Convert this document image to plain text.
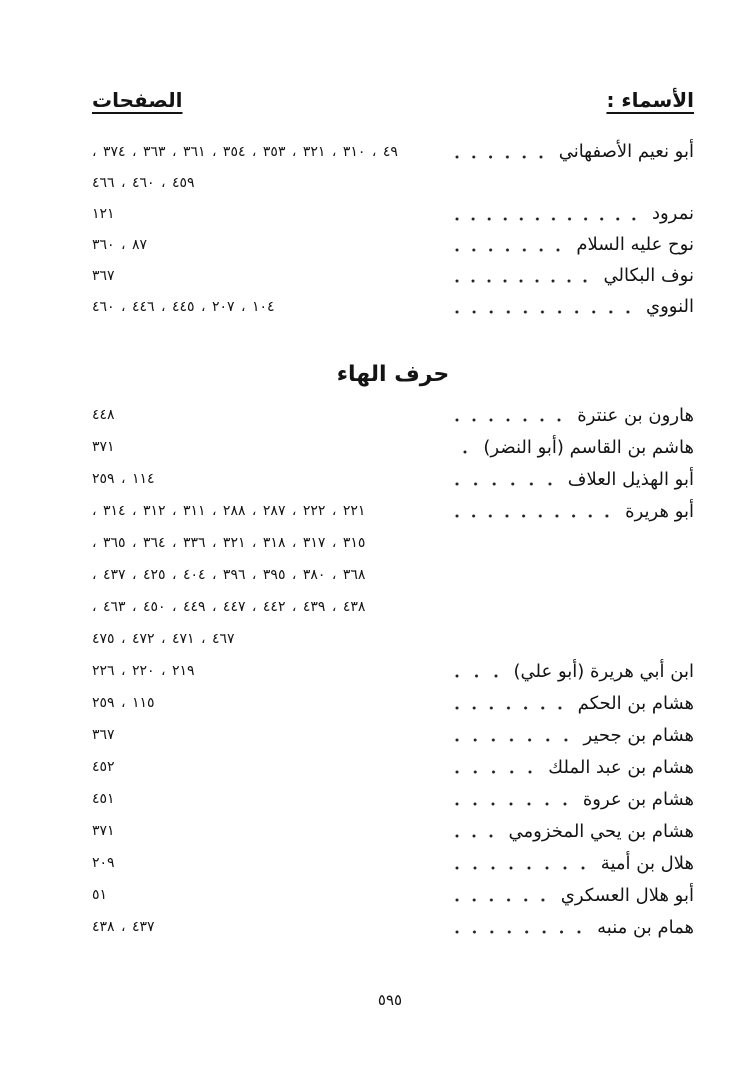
الأسماء :
الصفحات
أبو نعيم الأصفهاني
٤٩ ، ٣١٠ ، ٣٢١ ، ٣٥٣ ، ٣٥٤ ، ٣٦١ ، ٣٦٣ ، ٣٧٤ ،
٤٥٩ ، ٤٦٠ ، ٤٦٦
نمرود
١٢١
نوح عليه السلام
٨٧ ، ٣٦٠
نوف البكالي
٣٦٧
النووي
١٠٤ ، ٢٠٧ ، ٤٤٥ ، ٤٤٦ ، ٤٦٠
حرف الهاء
هارون بن عنترة
٤٤٨
هاشم بن القاسم (أبو النضر)
٣٧١
أبو الهذيل العلاف
١١٤ ، ٢٥٩
أبو هريرة
٢٢١ ، ٢٢٢ ، ٢٨٧ ، ٢٨٨ ، ٣١١ ، ٣١٢ ، ٣١٤ ،
٣١٥ ، ٣١٧ ، ٣١٨ ، ٣٢١ ، ٣٣٦ ، ٣٦٤ ، ٣٦٥ ،
٣٦٨ ، ٣٨٠ ، ٣٩٥ ، ٣٩٦ ، ٤٠٤ ، ٤٢٥ ، ٤٣٧ ،
٤٣٨ ، ٤٣٩ ، ٤٤٢ ، ٤٤٧ ، ٤٤٩ ، ٤٥٠ ، ٤٦٣ ،
٤٦٧ ، ٤٧١ ، ٤٧٢ ، ٤٧٥
ابن أبي هريرة (أبو علي)
٢١٩ ، ٢٢٠ ، ٢٢٦
هشام بن الحكم
١١٥ ، ٢٥٩
هشام بن جحير
٣٦٧
هشام بن عبد الملك
٤٥٢
هشام بن عروة
٤٥١
هشام بن يحي المخزومي
٣٧١
هلال بن أمية
٢٠٩
أبو هلال العسكري
٥١
همام بن منبه
٤٣٧ ، ٤٣٨
٥٩٥
